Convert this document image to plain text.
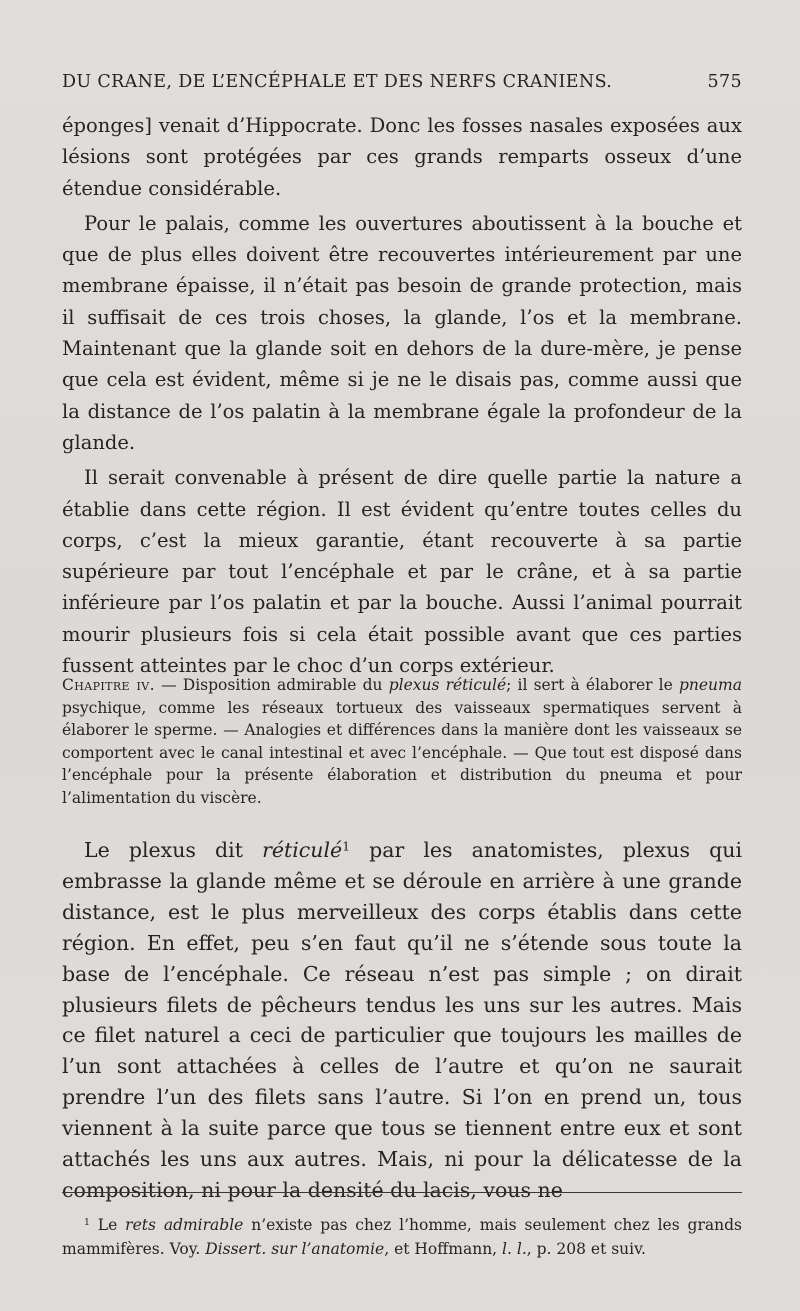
DU CRANE, DE L’ENCÉPHALE ET DES NERFS CRANIENS.	575

éponges] venait d’Hippocrate. Donc les fosses nasales exposées aux lésions sont protégées par ces grands remparts osseux d’une étendue considérable.

Pour le palais, comme les ouvertures aboutissent à la bouche et que de plus elles doivent être recouvertes intérieurement par une membrane épaisse, il n’était pas besoin de grande protection, mais il suffisait de ces trois choses, la glande, l’os et la membrane. Maintenant que la glande soit en dehors de la dure-mère, je pense que cela est évident, même si je ne le disais pas, comme aussi que la distance de l’os palatin à la membrane égale la profondeur de la glande.

Il serait convenable à présent de dire quelle partie la nature a établie dans cette région. Il est évident qu’entre toutes celles du corps, c’est la mieux garantie, étant recouverte à sa partie supérieure par tout l’encéphale et par le crâne, et à sa partie inférieure par l’os palatin et par la bouche. Aussi l’animal pourrait mourir plusieurs fois si cela était possible avant que ces parties fussent atteintes par le choc d’un corps extérieur.

Chapitre iv. — Disposition admirable du plexus réticulé; il sert à élaborer le pneuma psychique, comme les réseaux tortueux des vaisseaux spermatiques servent à élaborer le sperme. — Analogies et différences dans la manière dont les vaisseaux se comportent avec le canal intestinal et avec l’encéphale. — Que tout est disposé dans l’encéphale pour la présente élaboration et distribution du pneuma et pour l’alimentation du viscère.

Le plexus dit réticulé$^1$ par les anatomistes, plexus qui embrasse la glande même et se déroule en arrière à une grande distance, est le plus merveilleux des corps établis dans cette région. En effet, peu s’en faut qu’il ne s’étende sous toute la base de l’encéphale. Ce réseau n’est pas simple ; on dirait plusieurs filets de pêcheurs tendus les uns sur les autres. Mais ce filet naturel a ceci de particulier que toujours les mailles de l’un sont attachées à celles de l’autre et qu’on ne saurait prendre l’un des filets sans l’autre. Si l’on en prend un, tous viennent à la suite parce que tous se tiennent entre eux et sont attachés les uns aux autres. Mais, ni pour la délicatesse de la composition, ni pour la densité du lacis, vous ne

$^1$ Le rets admirable n’existe pas chez l’homme, mais seulement chez les grands mammifères. Voy. Dissert. sur l’anatomie, et Hoffmann, l. l., p. 208 et suiv.
